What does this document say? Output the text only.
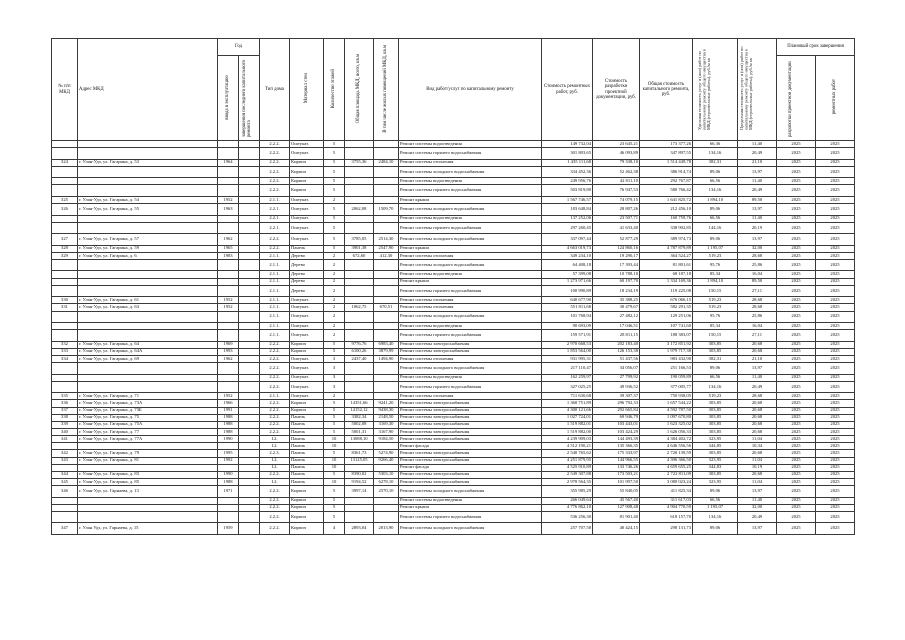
№ п/п МКД	Адрес МКД	Год		Тип дома	Материал стен	Количество этажей	Общая площадь МКД, всего, кв.м	В том числе жилых помещений МКД, кв.м	Вид работ/услуг по капитальному ремонту	Стоимость ремонтных работ, руб.	Стоимость разработки проектной документации, руб.	Общая стоимость капитального ремонта, руб.	Удельная стоимость услуг и (или) работ по капитальному ремонту общего имущества в МКД (строительные работы), руб./м кв	Предельная стоимость услуг и (или) работ по капитальному ремонту общего имущества в МКД (строительные работы), руб./м кв	Плановый срок завершения	
		ввода в эксплуатацию	завершения последнего капитального ремонта												разработки проектной документации	ремонтных работ
				2.2.2.	Оштукат.	5			Ремонт системы водоотведения	149 732,04	23 645,21	173 377,26	66,36	11,40	2025	2025
				2.2.2.	Оштукат.	5			Ремонт системы горячего водоснабжения	301 803,65	46 093,89	347 897,55	134,16	20,49	2025	2025
324	г. Улан-Удэ, ул. Гагарина, д. 53	1964		2.2.2.	Кирпич	5	3755,36	2484,10	Ремонт системы отопления	1 435 111,68	79 338,10	1 514 449,78	382,31	21,10	2025	2025
				2.2.2.	Кирпич	5			Ремонт системы холодного водоснабжения	334 452,36	52 462,38	386 914,74	89,06	13,97	2025	2025
				2.2.2.	Кирпич	5			Ремонт системы водоотведения	249 956,76	42 811,10	292 767,87	66,56	11,40	2025	2025
				2.2.2.	Кирпич	5			Ремонт системы горячего водоснабжения	503 819,80	76 947,53	580 766,42	134,16	20,49	2025	2025
325	г. Улан-Удэ, ул. Гагарина, д. 54	1952		2.1.1.	Оштукат.	2			Ремонт крыши	1 567 746,57	74 079,15	1 641 825,72	1 894,10	89,50	2025	2025
326	г. Улан-Удэ, ул. Гагарина, д. 55	1963		2.2.1.	Оштукат.	5	2062,08	1509,70	Ремонт системы холодного водоснабжения	183 648,84	28 807,26	212 456,10	89,06	13,97	2025	2025
				2.2.1.	Оштукат.	5			Ремонт системы водоотведения	137 252,06	23 507,71	160 759,76	66,56	11,40	2025	2025
				2.2.1.	Оштукат.	5			Ремонт системы горячего водоснабжения	297 260,45	41 633,40	338 902,85	144,16	20,19	2025	2025
327	г. Улан-Удэ, ул. Гагарина, д. 57	1962		2.2.2.	Оштукат.	5	3785,05	2514,30	Ремонт системы холодного водоснабжения	337 097,44	52 877,29	389 974,73	89,06	13,97	2025	2025
328	г. Улан-Удэ, ул. Гагарина, д. 59	1965		2.2.2.	Панель	5	3901,38	2547,90	Ремонт крыши	4 663 019,73	124 860,16	4 787 879,89	1 195,07	32,00	2025	2025
329	г. Улан-Удэ, ул. Гагарина, д. 6	1983		2.1.1.	Дерево	2	672,60	412,30	Ремонт системы отопления	349 234,10	19 290,17	364 524,27	519,23	28,68	2025	2025
				2.1.1.	Дерево	2			Ремонт системы холодного водоснабжения	64 408,18	17 393,44	81 801,61	95,76	25,86	2025	2025
				2.1.1.	Дерево	2			Ремонт системы водоотведения	57 399,08	10 788,10	68 187,18	85,34	16,04	2025	2025
				2.1.1.	Дерево	2			Ремонт крыши	1 273 971,66	60 197,70	1 334 169,36	1 894,10	89,50	2025	2025
				2.1.1.	Дерево	2			Ремонт системы горячего водоснабжения	100 990,89	18 234,19	119 225,08	150,15	27,11	2025	2025
330	г. Улан-Удэ, ул. Гагарина, д. 61	1952		2.1.1.	Оштукат.	2			Ремонт системы отопления	640 677,90	35 388,25	676 066,15	519,23	28,68	2025	2025
331	г. Улан-Удэ, ул. Гагарина, д. 63	1952		2.1.1.	Оштукат.	2	1062,75	670,51	Ремонт системы отопления	551 811,68	30 479,67	582 291,35	519,23	28,68	2025	2025
				2.1.1.	Оштукат.	2			Ремонт системы холодного водоснабжения	101 768,94	27 482,12	129 251,06	95,76	25,86	2025	2025
				2.1.1.	Оштукат.	2			Ремонт системы водоотведения	90 693,09	17 046,51	107 741,60	85,34	16,04	2025	2025
				2.1.1.	Оштукат.	2			Ремонт системы горячего водоснабжения	159 571,91	28 811,15	188 383,07	150,15	27,11	2025	2025
332	г. Улан-Удэ, ул. Гагарина, д. 64	1969		2.2.2.	Кирпич	5	9776,76	6983,40	Ремонт системы электроснабжения	2 970 668,53	202 183,40	3 172 851,92	303,85	20,68	2025	2025
333	г. Улан-Удэ, ул. Гагарина, д. 64А	1993		2.2.2.	Кирпич	5	6100,26	3879,99	Ремонт системы электроснабжения	1 853 564,00	126 153,38	1 979 717,38	303,85	20,68	2025	2025
334	г. Улан-Удэ, ул. Гагарина, д. 69	1962		2.2.2.	Оштукат.	3	2437,40	1494,90	Ремонт системы отопления	931 995,31	51 437,56	983 432,90	382,31	21,10	2025	2025
				2.2.2.	Оштукат.	3			Ремонт системы холодного водоснабжения	217 110,47	34 056,07	251 166,53	89,06	13,97	2025	2025
				2.2.2.	Оштукат.	3			Ремонт системы водоотведения	162 259,97	27 799,92	190 059,89	66,56	11,40	2025	2025
				2.2.2.	Оштукат.	3			Ремонт системы горячего водоснабжения	327 025,25	49 936,52	377 005,77	134,16	20,49	2025	2025
335	г. Улан-Удэ, ул. Гагарина, д. 71	1952		2.1.1.	Оштукат.	2			Ремонт системы отопления	711 630,68	39 307,37	750 938,05	519,23	28,68	2025	2025
336	г. Улан-Удэ, ул. Гагарина, д. 73А	1966		2.2.2.	Кирпич	5	14351,66	9241,20	Ремонт системы электроснабжения	1 360 751,89	296 792,33	1 657 544,22	303,85	20,68	2025	2025
337	г. Улан-Удэ, ул. Гагарина, д. 73Б	1991		2.2.2.	Кирпич	5	14152,12	9438,30	Ремонт системы электроснабжения	4 300 121,66	292 665,84	4 592 787,50	303,85	20,68	2025	2025
338	г. Улан-Удэ, ул. Гагарина, д. 75	1988		2.2.2.	Панель	5	3382,34	2148,50	Ремонт системы электроснабжения	1 027 724,01	69 946,79	1 097 670,80	303,85	20,68	2025	2025
339	г. Улан-Удэ, ул. Гагарина, д. 75А	1988		2.2.2.	Панель	5	5002,08	3169,30	Ремонт системы электроснабжения	1 519 882,01	103 443,01	1 623 325,02	303,85	20,68	2025	2025
340	г. Улан-Удэ, ул. Гагарина, д. 77	1988		2.2.2.	Панель	5	5001,31	3167,90	Ремонт системы электроснабжения	1 519 882,00	103 424,29	1 626 056,33	303,85	20,68	2025	2025
341	г. Улан-Удэ, ул. Гагарина, д. 77А	1990		I.2.	Панель	10	13088,10	9184,50	Ремонт системы электроснабжения	4 239 909,03	144 493,39	4 384 402,72	323,95	11,04	2025	2025
				I.2.	Панель	10			Ремонт фасада	4 512 190,21	135 366,35	4 646 556,56	344,85	10,34	2025	2025
342	г. Улан-Удэ, ул. Гагарина, д. 79	1995		2.2.3.	Панель	5	8361,73	5274,90	Ремонт системы электроснабжения	2 540 765,62	175 333,97	2 720 139,59	303,85	20,68	2025	2025
343	г. Улан-Удэ, ул. Гагарина, д. 81	1992		I.2.	Панель	10	13125,05	9266,40	Ремонт системы электроснабжения	4 251 879,95	144 966,55	4 396 366,50	323,95	11,04	2025	2025
				I.2.	Панель	10			Ремонт фасада	4 525 910,89	133 746,26	4 659 655,25	344,83	10,19	2025	2025
344	г. Улан-Удэ, ул. Гагарина, д. 83	1990		2.2.2.	Панель	5	8390,02	5303,10	Ремонт системы электроснабжения	2 549 307,88	173 503,21	2 722 811,09	303,85	20,68	2025	2025
345	г. Улан-Удэ, ул. Гагарина, д. 85	1988		I.2.	Панель	10	9194,52	6278,10	Ремонт системы электроснабжения	2 978 564,35	101 997,50	3 080 023,24	323,95	11,04	2025	2025
346	г. Улан-Удэ, ул. Гарнаева, д. 13	1971		2.2.2.	Кирпич	5	3997,14	2570,10	Ремонт системы холодного водоснабжения	355 985,29	55 840,05	411 825,34	89,06	13,97	2025	2025
				2.2.2.	Кирпич	5			Ремонт системы водоотведения	266 049,64	45 567,40	311 617,03	66,56	11,40	2025	2025
				2.2.2.	Кирпич	5			Ремонт крыши	4 776 862,10	127 908,48	4 904 770,59	1 195,07	32,00	2025	2025
				2.2.2.	Кирпич	5			Ремонт системы горячего водоснабжения	536 256,30	81 901,40	618 157,70	134,16	20,49	2025	2025
347	г. Улан Удэ, ул. Гарнаева, д. 15	1959		2.2.2.	Кирпич	4	2893,04	2013,90	Ремонт системы холодного водоснабжения	257 707,58	40 424,15	298 131,73	89,06	13,97	2025	2025
